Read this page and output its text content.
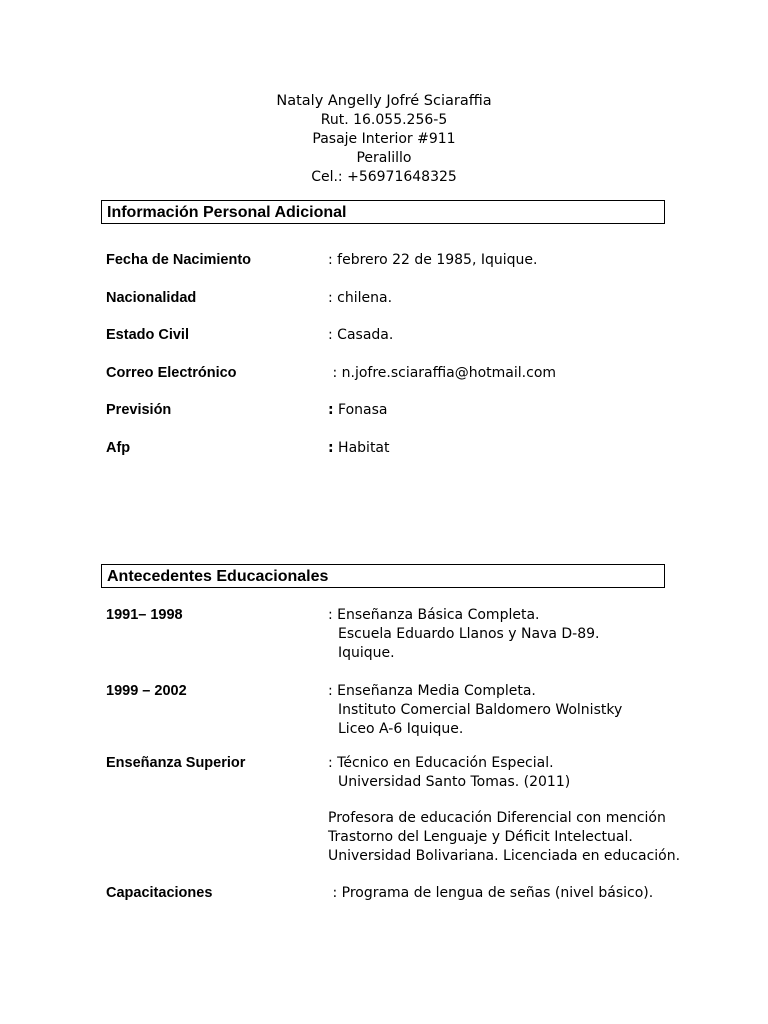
Nataly Angelly Jofré Sciaraffia
Rut. 16.055.256-5
Pasaje Interior #911
Peralillo
Cel.: +56971648325
Información Personal Adicional
Fecha de Nacimiento	: febrero 22 de 1985, Iquique.
Nacionalidad	: chilena.
Estado Civil	: Casada.
Correo Electrónico	: n.jofre.sciaraffia@hotmail.com
Previsión	: Fonasa
Afp	: Habitat
Antecedentes Educacionales
1991– 1998	: Enseñanza Básica Completa.
Escuela Eduardo Llanos y Nava D-89.
Iquique.
1999 – 2002	: Enseñanza Media Completa.
Instituto Comercial Baldomero Wolnistky
Liceo A-6 Iquique.
Enseñanza Superior	: Técnico en Educación Especial.
Universidad Santo Tomas. (2011)
Profesora de educación Diferencial con mención
Trastorno del Lenguaje y Déficit Intelectual.
Universidad Bolivariana. Licenciada en educación.
Capacitaciones	: Programa de lengua de señas (nivel básico).
